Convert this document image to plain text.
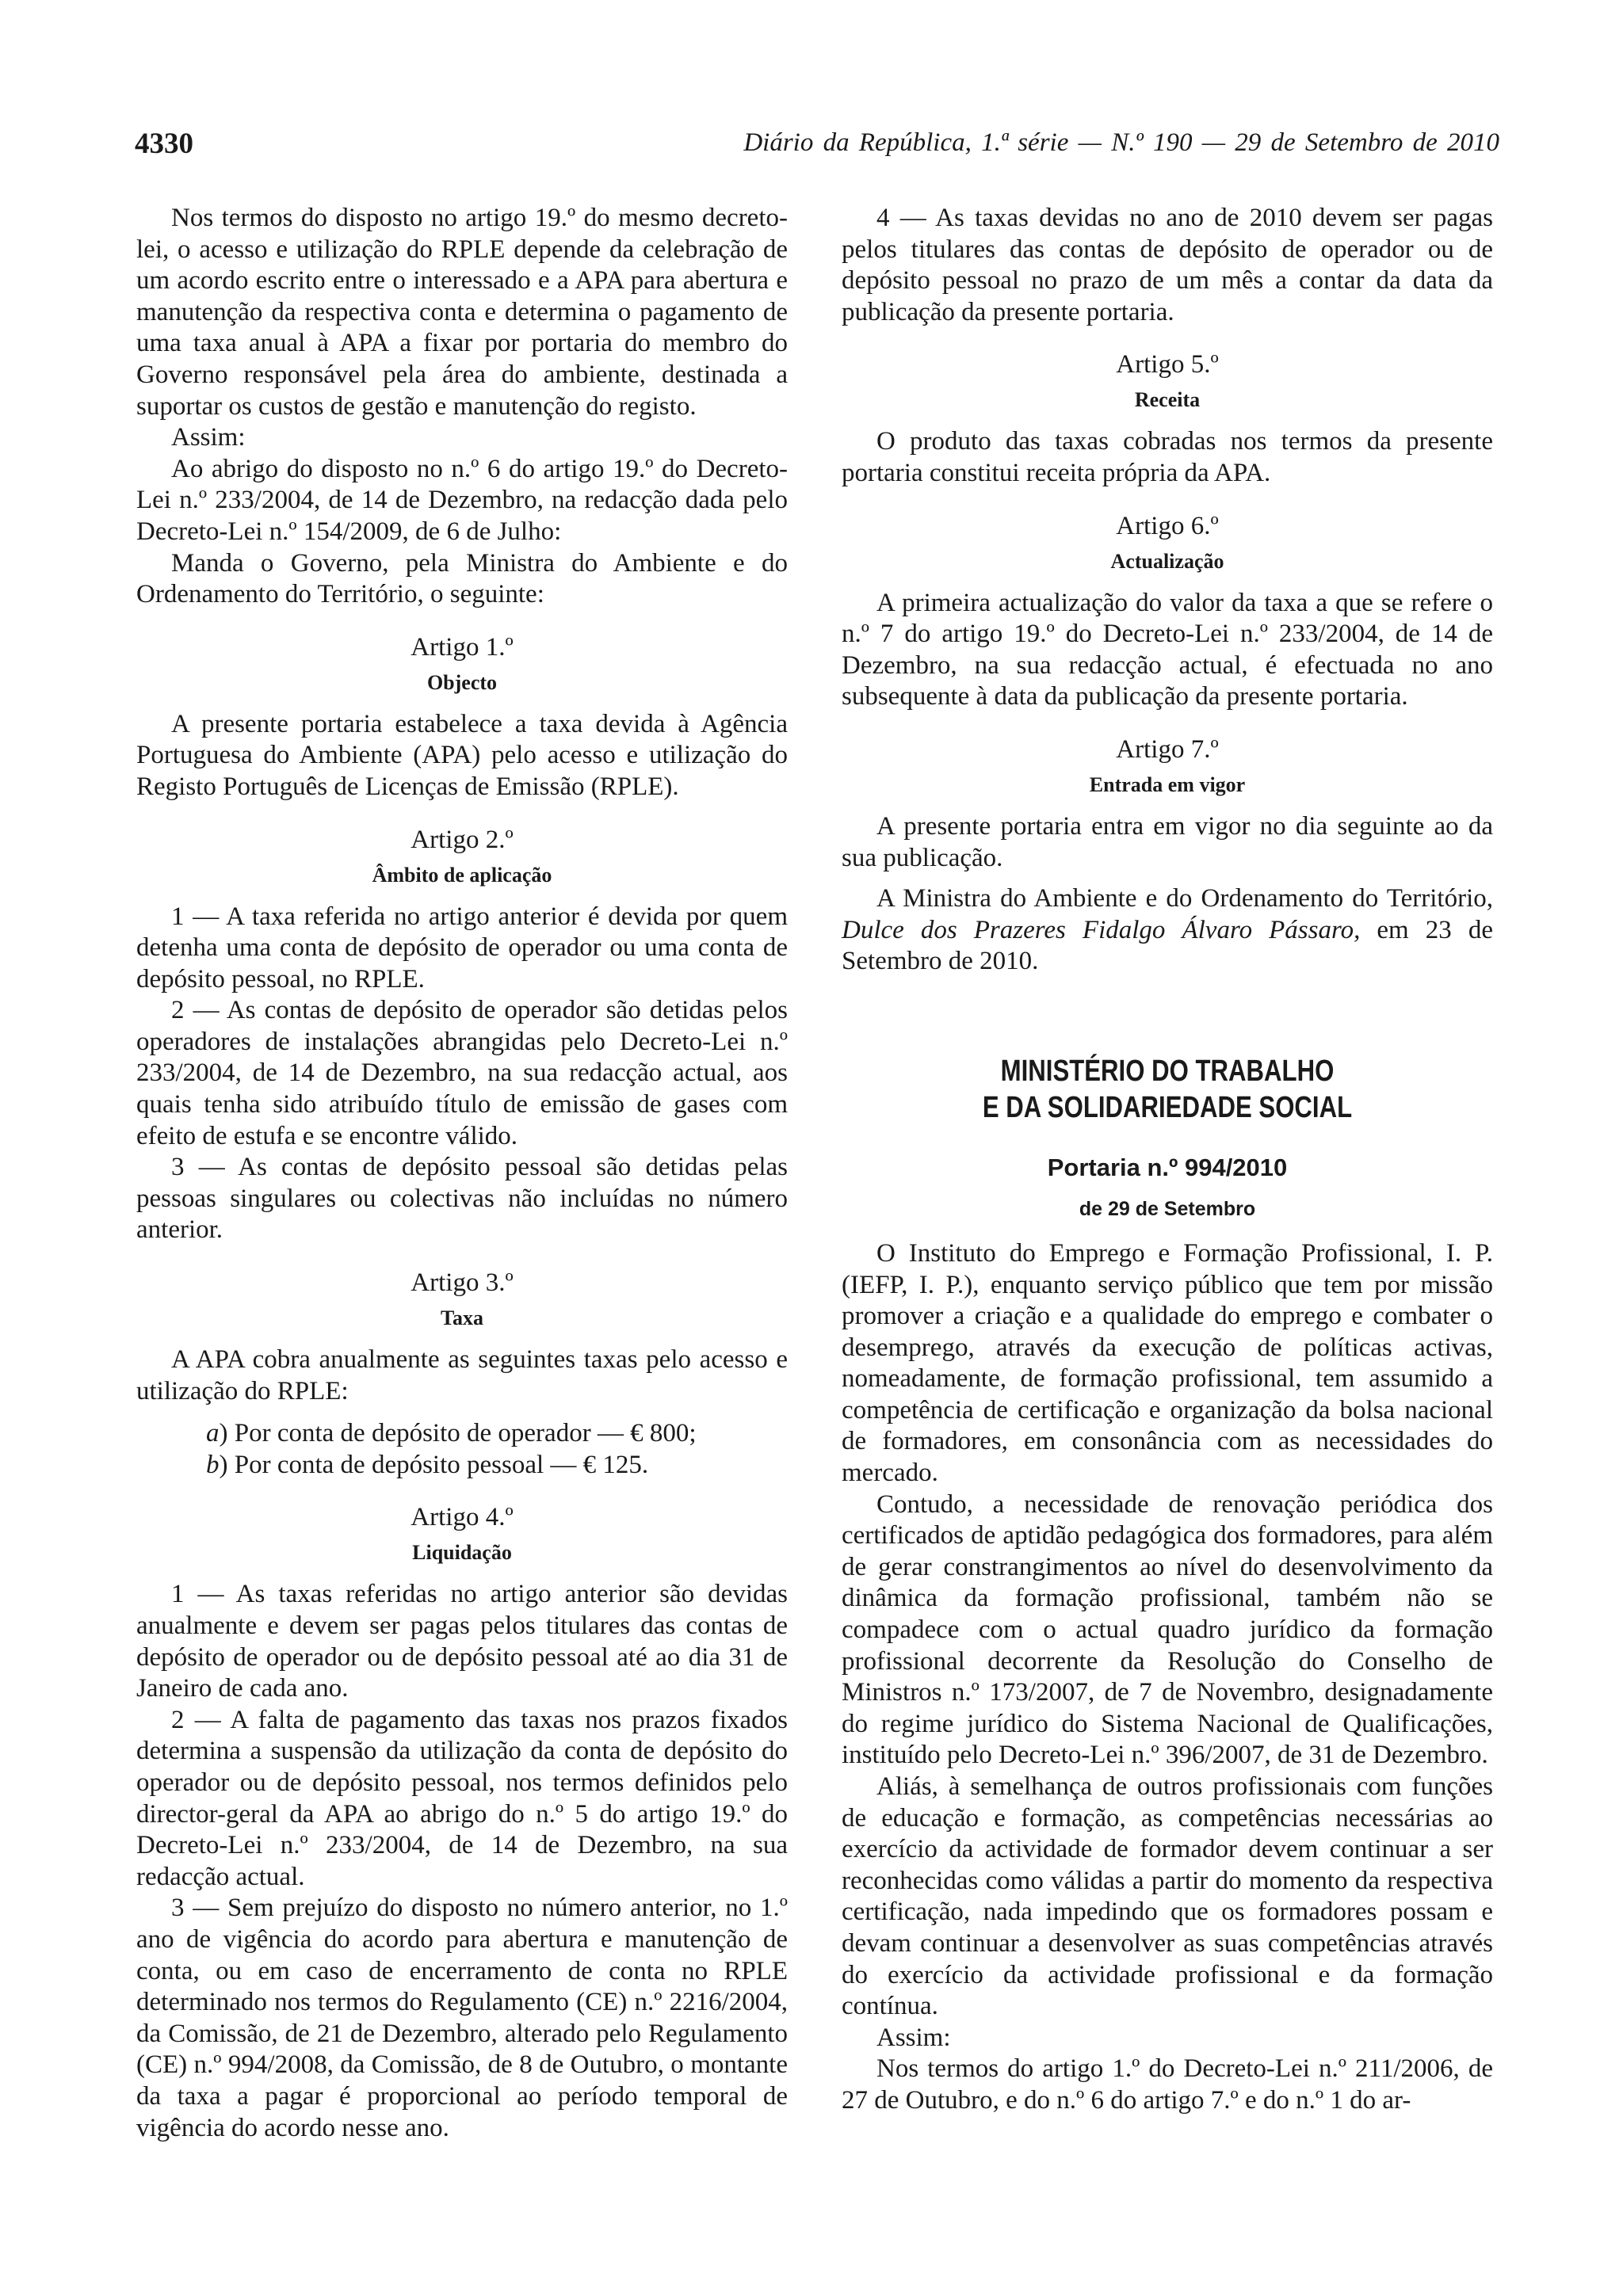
4330	Diário da República, 1.ª série — N.º 190 — 29 de Setembro de 2010

Nos termos do disposto no artigo 19.º do mesmo decreto-lei, o acesso e utilização do RPLE depende da celebração de um acordo escrito entre o interessado e a APA para abertura e manutenção da respectiva conta e determina o pagamento de uma taxa anual à APA a fixar por portaria do membro do Governo responsável pela área do ambiente, destinada a suportar os custos de gestão e manutenção do registo.

Assim:

Ao abrigo do disposto no n.º 6 do artigo 19.º do Decreto-Lei n.º 233/2004, de 14 de Dezembro, na redacção dada pelo Decreto-Lei n.º 154/2009, de 6 de Julho:

Manda o Governo, pela Ministra do Ambiente e do Ordenamento do Território, o seguinte:

Artigo 1.º
Objecto

A presente portaria estabelece a taxa devida à Agência Portuguesa do Ambiente (APA) pelo acesso e utilização do Registo Português de Licenças de Emissão (RPLE).

Artigo 2.º
Âmbito de aplicação

1 — A taxa referida no artigo anterior é devida por quem detenha uma conta de depósito de operador ou uma conta de depósito pessoal, no RPLE.

2 — As contas de depósito de operador são detidas pelos operadores de instalações abrangidas pelo Decreto-Lei n.º 233/2004, de 14 de Dezembro, na sua redacção actual, aos quais tenha sido atribuído título de emissão de gases com efeito de estufa e se encontre válido.

3 — As contas de depósito pessoal são detidas pelas pessoas singulares ou colectivas não incluídas no número anterior.

Artigo 3.º
Taxa

A APA cobra anualmente as seguintes taxas pelo acesso e utilização do RPLE:

a) Por conta de depósito de operador — € 800;

b) Por conta de depósito pessoal — € 125.

Artigo 4.º
Liquidação

1 — As taxas referidas no artigo anterior são devidas anualmente e devem ser pagas pelos titulares das contas de depósito de operador ou de depósito pessoal até ao dia 31 de Janeiro de cada ano.

2 — A falta de pagamento das taxas nos prazos fixados determina a suspensão da utilização da conta de depósito do operador ou de depósito pessoal, nos termos definidos pelo director-geral da APA ao abrigo do n.º 5 do artigo 19.º do Decreto-Lei n.º 233/2004, de 14 de Dezembro, na sua redacção actual.

3 — Sem prejuízo do disposto no número anterior, no 1.º ano de vigência do acordo para abertura e manutenção de conta, ou em caso de encerramento de conta no RPLE determinado nos termos do Regulamento (CE) n.º 2216/2004, da Comissão, de 21 de Dezembro, alterado pelo Regulamento (CE) n.º 994/2008, da Comissão, de 8 de Outubro, o montante da taxa a pagar é proporcional ao período temporal de vigência do acordo nesse ano.

4 — As taxas devidas no ano de 2010 devem ser pagas pelos titulares das contas de depósito de operador ou de depósito pessoal no prazo de um mês a contar da data da publicação da presente portaria.

Artigo 5.º
Receita

O produto das taxas cobradas nos termos da presente portaria constitui receita própria da APA.

Artigo 6.º
Actualização

A primeira actualização do valor da taxa a que se refere o n.º 7 do artigo 19.º do Decreto-Lei n.º 233/2004, de 14 de Dezembro, na sua redacção actual, é efectuada no ano subsequente à data da publicação da presente portaria.

Artigo 7.º
Entrada em vigor

A presente portaria entra em vigor no dia seguinte ao da sua publicação.

A Ministra do Ambiente e do Ordenamento do Território, Dulce dos Prazeres Fidalgo Álvaro Pássaro, em 23 de Setembro de 2010.

MINISTÉRIO DO TRABALHO
E DA SOLIDARIEDADE SOCIAL
Portaria n.º 994/2010
de 29 de Setembro

O Instituto do Emprego e Formação Profissional, I. P. (IEFP, I. P.), enquanto serviço público que tem por missão promover a criação e a qualidade do emprego e combater o desemprego, através da execução de políticas activas, nomeadamente, de formação profissional, tem assumido a competência de certificação e organização da bolsa nacional de formadores, em consonância com as necessidades do mercado.

Contudo, a necessidade de renovação periódica dos certificados de aptidão pedagógica dos formadores, para além de gerar constrangimentos ao nível do desenvolvimento da dinâmica da formação profissional, também não se compadece com o actual quadro jurídico da formação profissional decorrente da Resolução do Conselho de Ministros n.º 173/2007, de 7 de Novembro, designadamente do regime jurídico do Sistema Nacional de Qualificações, instituído pelo Decreto-Lei n.º 396/2007, de 31 de Dezembro.

Aliás, à semelhança de outros profissionais com funções de educação e formação, as competências necessárias ao exercício da actividade de formador devem continuar a ser reconhecidas como válidas a partir do momento da respectiva certificação, nada impedindo que os formadores possam e devam continuar a desenvolver as suas competências através do exercício da actividade profissional e da formação contínua.

Assim:

Nos termos do artigo 1.º do Decreto-Lei n.º 211/2006, de 27 de Outubro, e do n.º 6 do artigo 7.º e do n.º 1 do ar-
